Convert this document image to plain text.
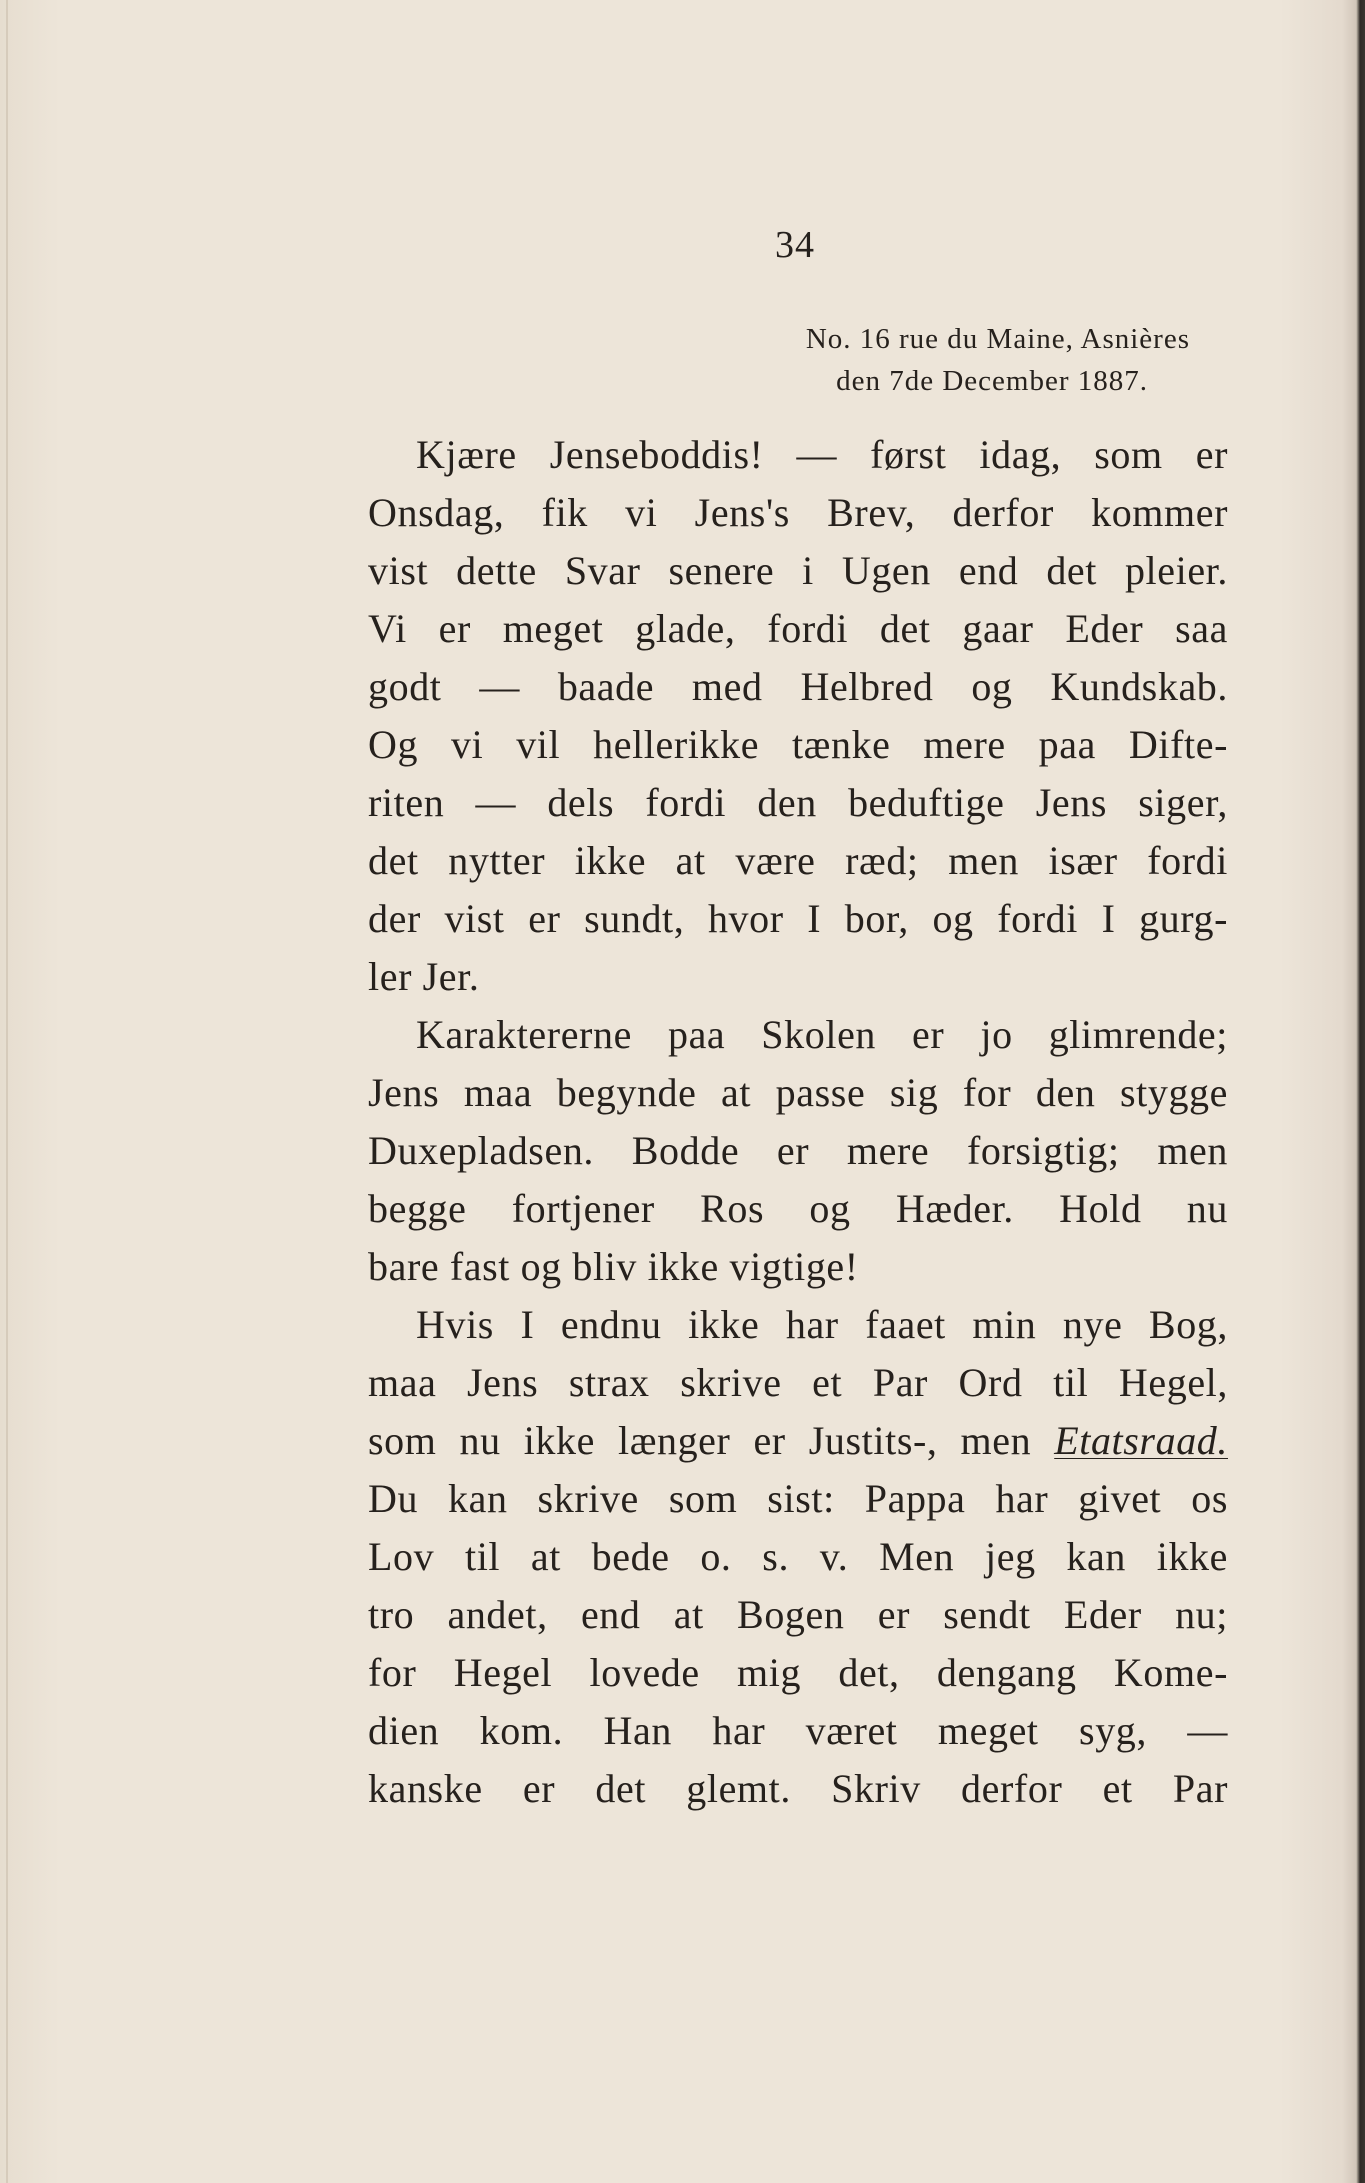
34
No. 16 rue du Maine, Asnières
den 7de December 1887.
Kjære Jenseboddis! — først idag, som er
Onsdag, fik vi Jens's Brev, derfor kommer
vist dette Svar senere i Ugen end det pleier.
Vi er meget glade, fordi det gaar Eder saa
godt — baade med Helbred og Kundskab.
Og vi vil hellerikke tænke mere paa Difte-
riten — dels fordi den beduftige Jens siger,
det nytter ikke at være ræd; men især fordi
der vist er sundt, hvor I bor, og fordi I gurg-
ler Jer.
Karaktererne paa Skolen er jo glimrende;
Jens maa begynde at passe sig for den stygge
Duxepladsen. Bodde er mere forsigtig; men
begge fortjener Ros og Hæder. Hold nu
bare fast og bliv ikke vigtige!
Hvis I endnu ikke har faaet min nye Bog,
maa Jens strax skrive et Par Ord til Hegel,
som nu ikke længer er Justits-, men Etatsraad.
Du kan skrive som sist: Pappa har givet os
Lov til at bede o. s. v. Men jeg kan ikke
tro andet, end at Bogen er sendt Eder nu;
for Hegel lovede mig det, dengang Kome-
dien kom. Han har været meget syg, —
kanske er det glemt. Skriv derfor et Par
